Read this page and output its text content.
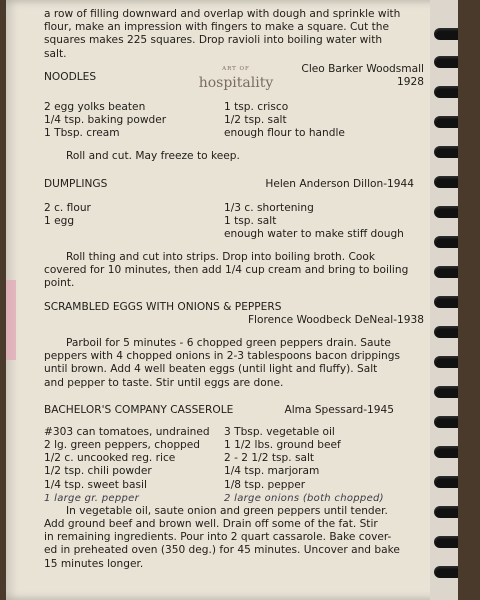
a row of filling downward and overlap with dough and sprinkle with
flour, make an impression with fingers to make a square. Cut the
squares makes 225 squares. Drop ravioli into boiling water with
salt.
NOODLES
ART OF
hospitality
Cleo Barker Woodsmall
1928
2 egg yolks beaten
1/4 tsp. baking powder
1 Tbsp. cream
1 tsp. crisco
1/2 tsp. salt
enough flour to handle
Roll and cut. May freeze to keep.
DUMPLINGS	Helen Anderson Dillon-1944
2 c. flour
1 egg
1/3 c. shortening
1 tsp. salt
enough water to make stiff dough
Roll thing and cut into strips. Drop into boiling broth. Cook
covered for 10 minutes, then add 1/4 cup cream and bring to boiling
point.
SCRAMBLED EGGS WITH ONIONS & PEPPERS
Florence Woodbeck DeNeal-1938
Parboil for 5 minutes - 6 chopped green peppers drain. Saute
peppers with 4 chopped onions in 2-3 tablespoons bacon drippings
until brown. Add 4 well beaten eggs (until light and fluffy). Salt
and pepper to taste. Stir until eggs are done.
BACHELOR'S COMPANY CASSEROLE	Alma Spessard-1945
#303 can tomatoes, undrained
2 lg. green peppers, chopped
1/2 c. uncooked reg. rice
1/2 tsp. chili powder
1/4 tsp. sweet basil
1 large gr. pepper
3 Tbsp. vegetable oil
1 1/2 lbs. ground beef
2 - 2 1/2 tsp. salt
1/4 tsp. marjoram
1/8 tsp. pepper
2 large onions (both chopped)
In vegetable oil, saute onion and green peppers until tender.
Add ground beef and brown well. Drain off some of the fat. Stir
in remaining ingredients. Pour into 2 quart cassarole. Bake cover-
ed in preheated oven (350 deg.) for 45 minutes. Uncover and bake
15 minutes longer.
